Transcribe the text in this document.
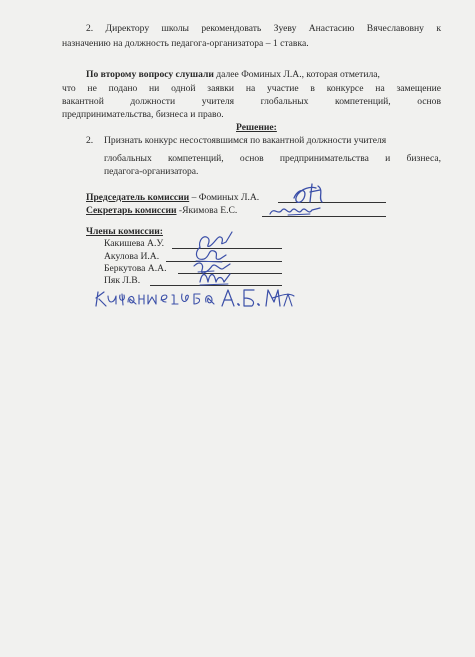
2. Директору школы рекомендовать Зуеву Анастасию Вячеславовну к
назначению на должность педагога-организатора – 1 ставка.
По второму вопросу слушали далее Фоминых Л.А., которая отметила,
что не подано ни одной заявки на участие в конкурсе на замещение
вакантной должности учителя глобальных компетенций, основ
предпринимательства, бизнеса и право.
Решение:
2. Признать конкурс несостоявшимся по вакантной должности учителя
глобальных компетенций, основ предпринимательства и бизнеса,
педагога-организатора.
Председатель комиссии – Фоминых Л.А.
Секретарь комиссии -Якимова Е.С.
Члены комиссии:
Какишева А.У.
Акулова И.А.
Беркутова А.А.
Пяк Л.В.
